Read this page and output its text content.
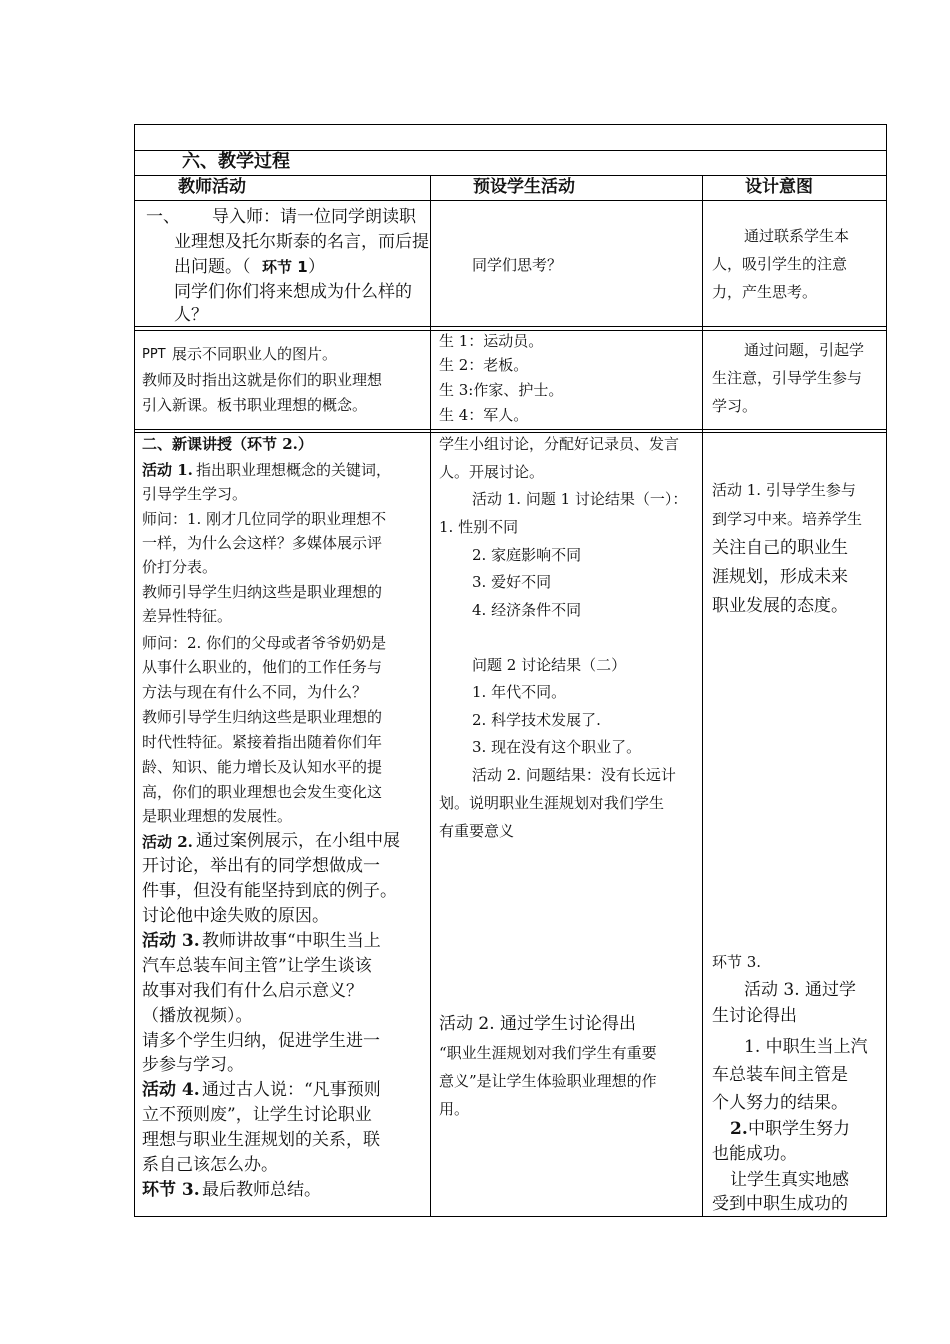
六、教学过程
教师活动	预设学生活动	设计意图
一、 导入师：请一位同学朗读职
业理想及托尔斯泰的名言，而后提
出问题。（ 环节 1 ）
同学们你们将来想成为什么样的
人？
同学们思考？
通过联系学生本
人，吸引学生的注意
力，产生思考。
PPT 展示不同职业人的图片。
教师及时指出这就是你们的职业理想
引入新课。板书职业理想的概念。
生 1：运动员。
生 2：老板。
生 3:作家、护士。
生 4：军人。
通过问题，引起学
生注意，引导学生参与
学习。
二、新课讲授（环节 2.）
活动 1. 指出职业理想概念的关键词，
引导学生学习。
师问：1. 刚才几位同学的职业理想不
一样，为什么会这样？多媒体展示评
价打分表。
教师引导学生归纳这些是职业理想的
差异性特征。
师问：2. 你们的父母或者爷爷奶奶是
从事什么职业的，他们的工作任务与
方法与现在有什么不同，为什么？
教师引导学生归纳这些是职业理想的
时代性特征。紧接着指出随着你们年
龄、知识、能力增长及认知水平的提
高，你们的职业理想也会发生变化这
是职业理想的发展性。
活动 2. 通过案例展示，在小组中展
开讨论，举出有的同学想做成一
件事，但没有能坚持到底的例子。
讨论他中途失败的原因。
活动 3. 教师讲故事“中职生当上
汽车总装车间主管”让学生谈该
故事对我们有什么启示意义？
（播放视频）。
请多个学生归纳，促进学生进一
步参与学习。
活动 4. 通过古人说：“凡事预则
立不预则废”，让学生讨论职业
理想与职业生涯规划的关系，联
系自己该怎么办。
环节 3. 最后教师总结。
学生小组讨论，分配好记录员、发言
人。开展讨论。
活动 1. 问题 1 讨论结果（一）：
1. 性别不同
2. 家庭影响不同
3. 爱好不同
4. 经济条件不同
问题 2 讨论结果（二）
1. 年代不同。
2. 科学技术发展了.
3. 现在没有这个职业了。
活动 2. 问题结果：没有长远计
划。说明职业生涯规划对我们学生
有重要意义
活动 2. 通过学生讨论得出
“职业生涯规划对我们学生有重要
意义”是让学生体验职业理想的作
用。
活动 1. 引导学生参与
到学习中来。培养学生
关注自己的职业生
涯规划，形成未来
职业发展的态度。
环节 3.
活动 3. 通过学
生讨论得出
1. 中职生当上汽
车总装车间主管是
个人努力的结果。
2. 中职学生努力
也能成功。
让学生真实地感
受到中职生成功的
